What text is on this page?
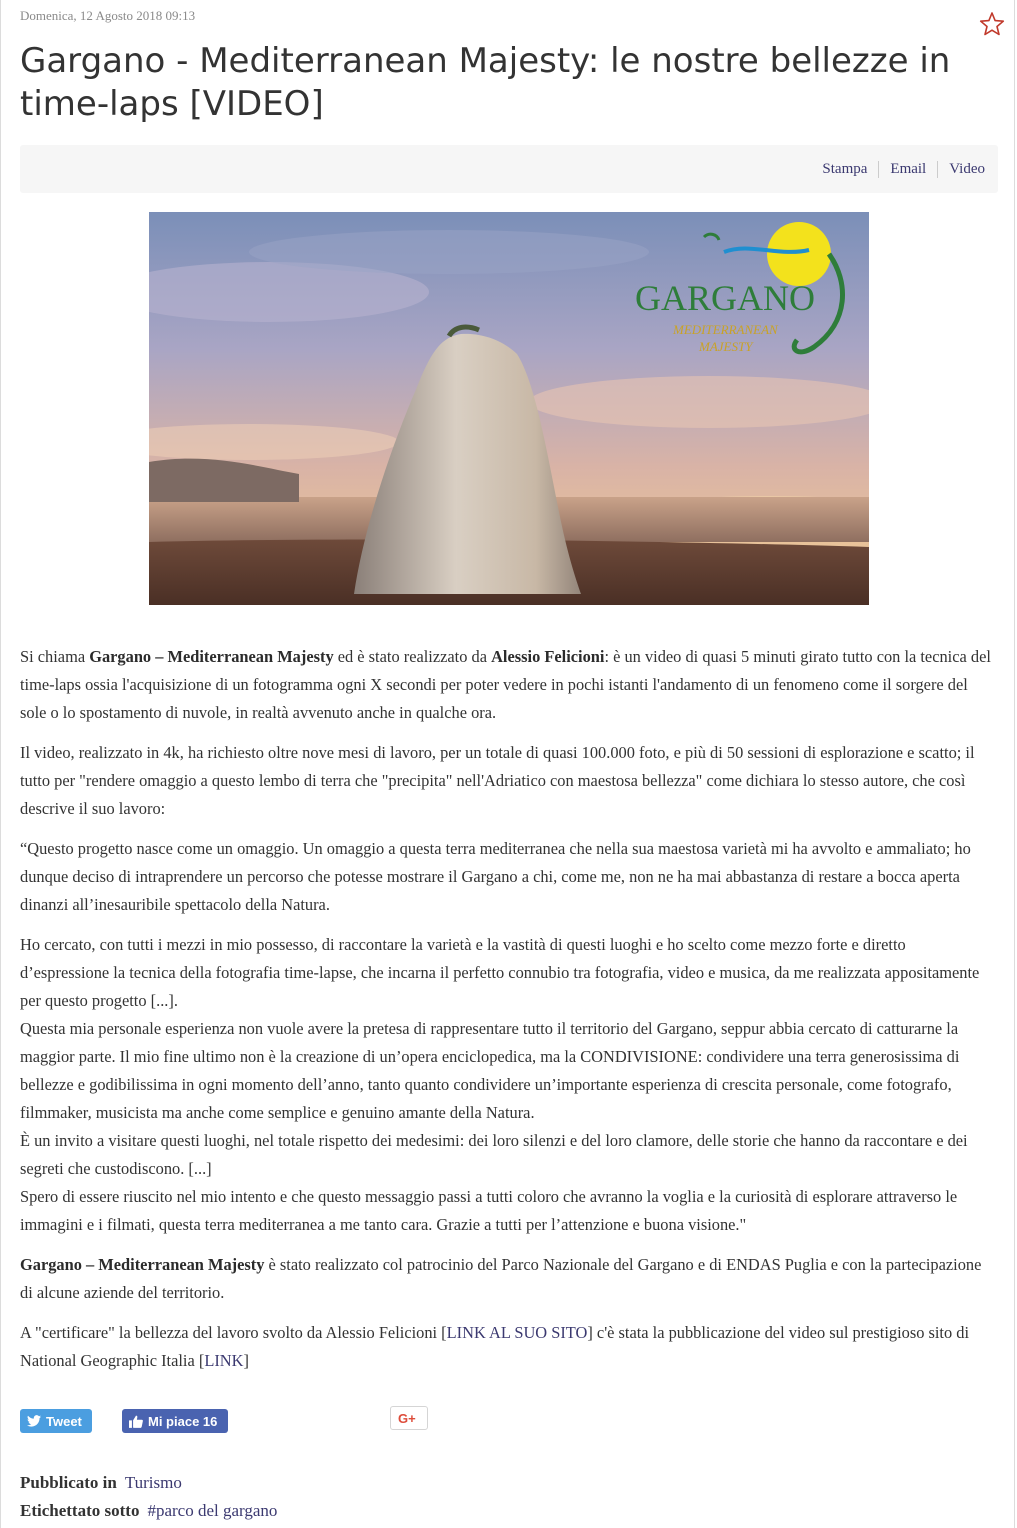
Domenica, 12 Agosto 2018 09:13
Gargano - Mediterranean Majesty: le nostre bellezze in time-laps [VIDEO]
Stampa	Email	Video
GARGANO
MEDITERRANEAN
MAJESTY

Si chiama Gargano – Mediterranean Majesty ed è stato realizzato da Alessio Felicioni: è un video di quasi 5 minuti girato tutto con la tecnica del time-laps ossia l'acquisizione di un fotogramma ogni X secondi per poter vedere in pochi istanti l'andamento di un fenomeno come il sorgere del sole o lo spostamento di nuvole, in realtà avvenuto anche in qualche ora.

Il video, realizzato in 4k, ha richiesto oltre nove mesi di lavoro, per un totale di quasi 100.000 foto, e più di 50 sessioni di esplorazione e scatto; il tutto per "rendere omaggio a questo lembo di terra che "precipita" nell'Adriatico con maestosa bellezza" come dichiara lo stesso autore, che così descrive il suo lavoro:

“Questo progetto nasce come un omaggio. Un omaggio a questa terra mediterranea che nella sua maestosa varietà mi ha avvolto e ammaliato; ho dunque deciso di intraprendere un percorso che potesse mostrare il Gargano a chi, come me, non ne ha mai abbastanza di restare a bocca aperta dinanzi all’inesauribile spettacolo della Natura.

Ho cercato, con tutti i mezzi in mio possesso, di raccontare la varietà e la vastità di questi luoghi e ho scelto come mezzo forte e diretto d’espressione la tecnica della fotografia time-lapse, che incarna il perfetto connubio tra fotografia, video e musica, da me realizzata appositamente per questo progetto [...].
Questa mia personale esperienza non vuole avere la pretesa di rappresentare tutto il territorio del Gargano, seppur abbia cercato di catturarne la maggior parte. Il mio fine ultimo non è la creazione di un’opera enciclopedica, ma la CONDIVISIONE: condividere una terra generosissima di bellezze e godibilissima in ogni momento dell’anno, tanto quanto condividere un’importante esperienza di crescita personale, come fotografo, filmmaker, musicista ma anche come semplice e genuino amante della Natura.
È un invito a visitare questi luoghi, nel totale rispetto dei medesimi: dei loro silenzi e del loro clamore, delle storie che hanno da raccontare e dei segreti che custodiscono. [...]
Spero di essere riuscito nel mio intento e che questo messaggio passi a tutti coloro che avranno la voglia e la curiosità di esplorare attraverso le immagini e i filmati, questa terra mediterranea a me tanto cara. Grazie a tutti per l’attenzione e buona visione."

Gargano – Mediterranean Majesty è stato realizzato col patrocinio del Parco Nazionale del Gargano e di ENDAS Puglia e con la partecipazione di alcune aziende del territorio.

A "certificare" la bellezza del lavoro svolto da Alessio Felicioni [LINK AL SUO SITO] c'è stata la pubblicazione del video sul prestigioso sito di National Geographic Italia [LINK]

Tweet	Mi piace 16	G+
Pubblicato in Turismo
Etichettato sotto #parco del gargano
